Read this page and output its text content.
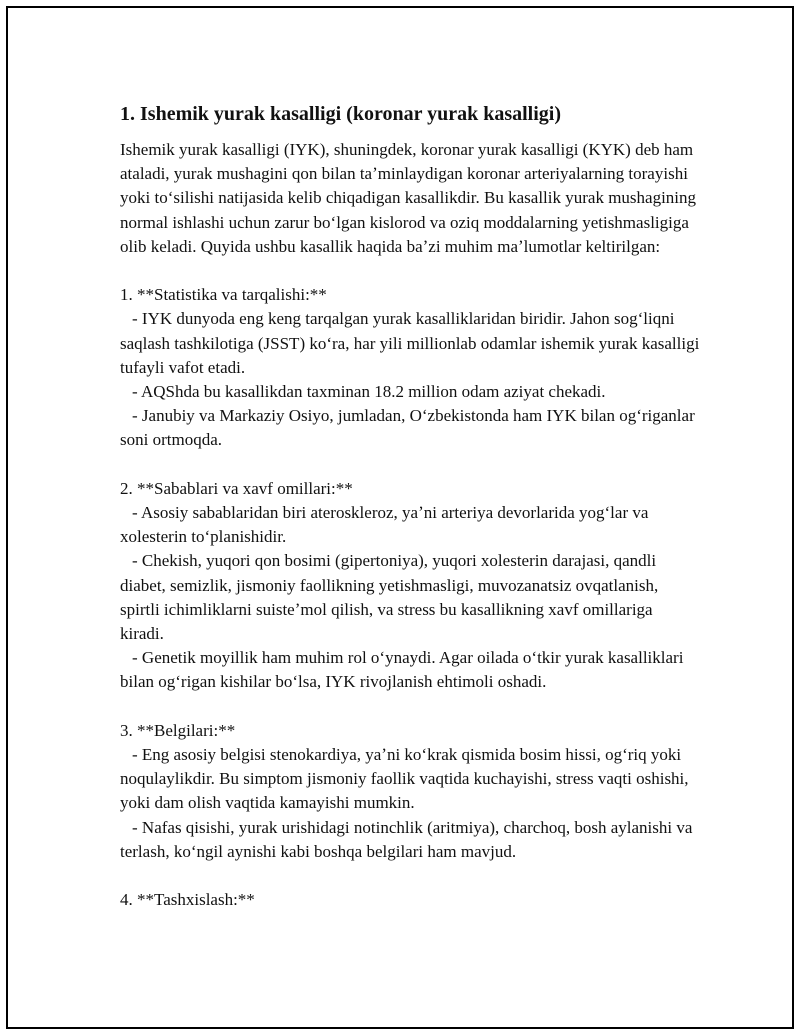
1. Ishemik yurak kasalligi (koronar yurak kasalligi)

Ishemik yurak kasalligi (IYK), shuningdek, koronar yurak kasalligi (KYK) deb ham ataladi, yurak mushagini qon bilan taʼminlaydigan koronar arteriyalarning torayishi yoki toʻsilishi natijasida kelib chiqadigan kasallikdir. Bu kasallik yurak mushagining normal ishlashi uchun zarur boʻlgan kislorod va oziq moddalarning yetishmasligiga olib keladi. Quyida ushbu kasallik haqida baʼzi muhim maʼlumotlar keltirilgan:

1. **Statistika va tarqalishi:**

- IYK dunyoda eng keng tarqalgan yurak kasalliklaridan biridir. Jahon sogʻliqni saqlash tashkilotiga (JSST) koʻra, har yili millionlab odamlar ishemik yurak kasalligi tufayli vafot etadi.

- AQShda bu kasallikdan taxminan 18.2 million odam aziyat chekadi.

- Janubiy va Markaziy Osiyo, jumladan, Oʻzbekistonda ham IYK bilan ogʻriganlar soni ortmoqda.

2. **Sabablari va xavf omillari:**

- Asosiy sabablaridan biri ateroskleroz, yaʼni arteriya devorlarida yogʻlar va xolesterin toʻplanishidir.

- Chekish, yuqori qon bosimi (gipertoniya), yuqori xolesterin darajasi, qandli diabet, semizlik, jismoniy faollikning yetishmasligi, muvozanatsiz ovqatlanish, spirtli ichimliklarni suisteʼmol qilish, va stress bu kasallikning xavf omillariga kiradi.

- Genetik moyillik ham muhim rol oʻynaydi. Agar oilada oʻtkir yurak kasalliklari bilan ogʻrigan kishilar boʻlsa, IYK rivojlanish ehtimoli oshadi.

3. **Belgilari:**

- Eng asosiy belgisi stenokardiya, yaʼni koʻkrak qismida bosim hissi, ogʻriq yoki noqulaylikdir. Bu simptom jismoniy faollik vaqtida kuchayishi, stress vaqti oshishi, yoki dam olish vaqtida kamayishi mumkin.

- Nafas qisishi, yurak urishidagi notinchlik (aritmiya), charchoq, bosh aylanishi va terlash, koʻngil aynishi kabi boshqa belgilari ham mavjud.

4. **Tashxislash:**
